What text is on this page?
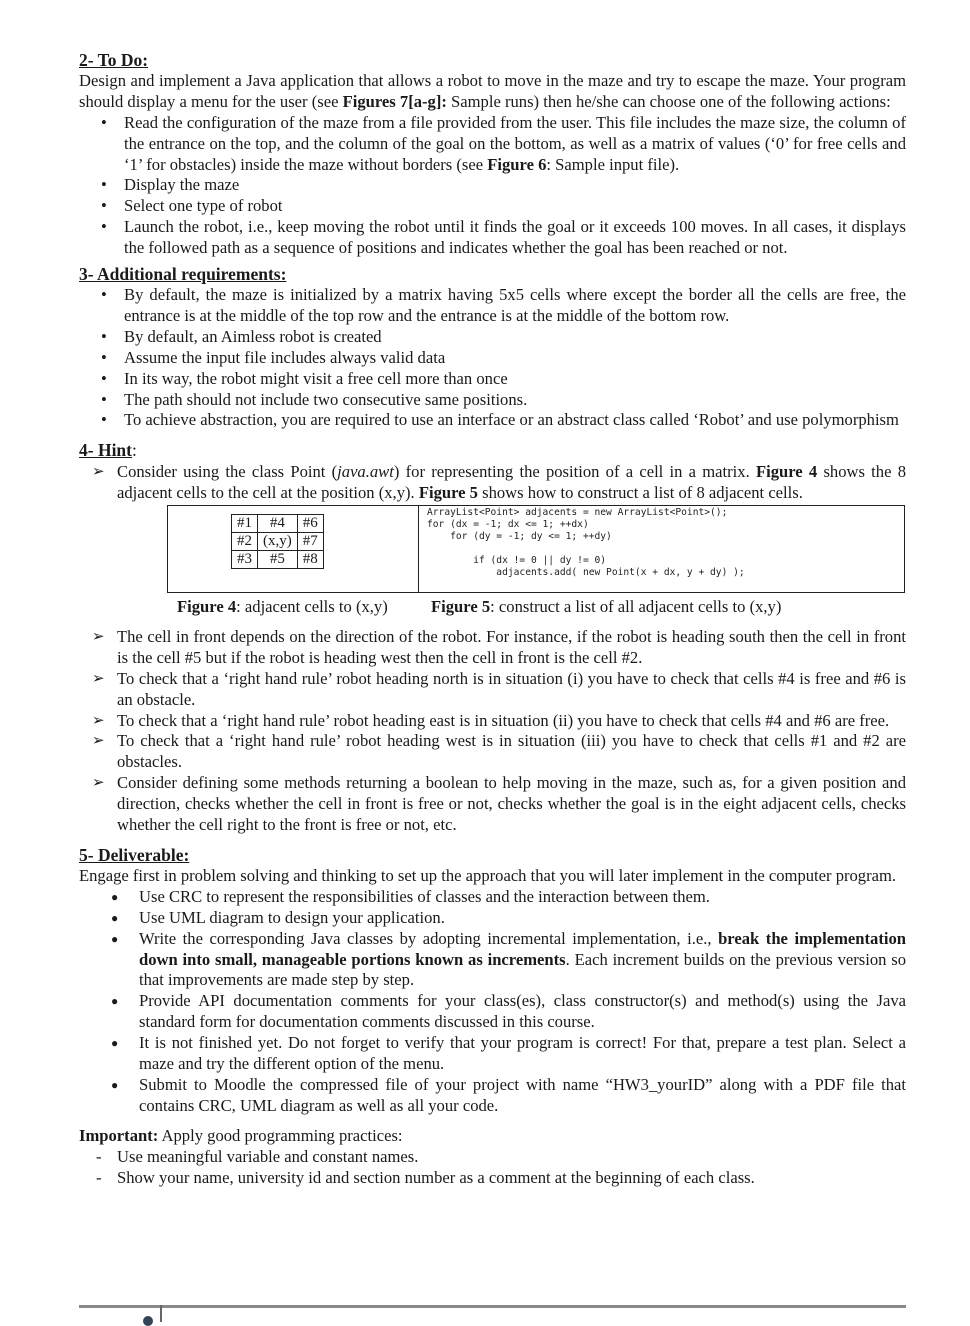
2- To Do:

Design and implement a Java application that allows a robot to move in the maze and try to escape the maze. Your program should display a menu for the user (see Figures 7[a-g]: Sample runs) then he/she can choose one of the following actions:

• Read the configuration of the maze from a file provided from the user. This file includes the maze size, the column of the entrance on the top, and the column of the goal on the bottom, as well as a matrix of values (‘0’ for free cells and ‘1’ for obstacles) inside the maze without borders (see Figure 6: Sample input file).
• Display the maze
• Select one type of robot
• Launch the robot, i.e., keep moving the robot until it finds the goal or it exceeds 100 moves. In all cases, it displays the followed path as a sequence of positions and indicates whether the goal has been reached or not.
3- Additional requirements:
• By default, the maze is initialized by a matrix having 5x5 cells where except the border all the cells are free, the entrance is at the middle of the top row and the entrance is at the middle of the bottom row.
• By default, an Aimless robot is created
• Assume the input file includes always valid data
• In its way, the robot might visit a free cell more than once
• The path should not include two consecutive same positions.
• To achieve abstraction, you are required to use an interface or an abstract class called ‘Robot’ and use polymorphism
4- Hint:
➢ Consider using the class Point (java.awt) for representing the position of a cell in a matrix. Figure 4 shows the 8 adjacent cells to the cell at the position (x,y). Figure 5 shows how to construct a list of 8 adjacent cells.
#1	#4	#6
#2	(x,y)	#7
#3	#5	#8
ArrayList<Point> adjacents = new ArrayList<Point>();
for (dx = -1; dx <= 1; ++dx)
for (dy = -1; dy <= 1; ++dy)

if (dx != 0 || dy != 0)
adjacents.add( new Point(x + dx, y + dy) );
Figure 4: adjacent cells to (x,y)	Figure 5: construct a list of all adjacent cells to (x,y)
➢ The cell in front depends on the direction of the robot. For instance, if the robot is heading south then the cell in front is the cell #5 but if the robot is heading west then the cell in front is the cell #2.
➢ To check that a ‘right hand rule’ robot heading north is in situation (i) you have to check that cells #4 is free and #6 is an obstacle.
➢ To check that a ‘right hand rule’ robot heading east is in situation (ii) you have to check that cells #4 and #6 are free.
➢ To check that a ‘right hand rule’ robot heading west is in situation (iii) you have to check that cells #1 and #2 are obstacles.
➢ Consider defining some methods returning a boolean to help moving in the maze, such as, for a given position and direction, checks whether the cell in front is free or not, checks whether the goal is in the eight adjacent cells, checks whether the cell right to the front is free or not, etc.
5- Deliverable:

Engage first in problem solving and thinking to set up the approach that you will later implement in the computer program.

● Use CRC to represent the responsibilities of classes and the interaction between them.
● Use UML diagram to design your application.
● Write the corresponding Java classes by adopting incremental implementation, i.e., break the implementation down into small, manageable portions known as increments. Each increment builds on the previous version so that improvements are made step by step.
● Provide API documentation comments for your class(es), class constructor(s) and method(s) using the Java standard form for documentation comments discussed in this course.
● It is not finished yet. Do not forget to verify that your program is correct! For that, prepare a test plan. Select a maze and try the different option of the menu.
● Submit to Moodle the compressed file of your project with name “HW3_yourID” along with a PDF file that contains CRC, UML diagram as well as all your code.

Important: Apply good programming practices:

- Use meaningful variable and constant names.
- Show your name, university id and section number as a comment at the beginning of each class.
